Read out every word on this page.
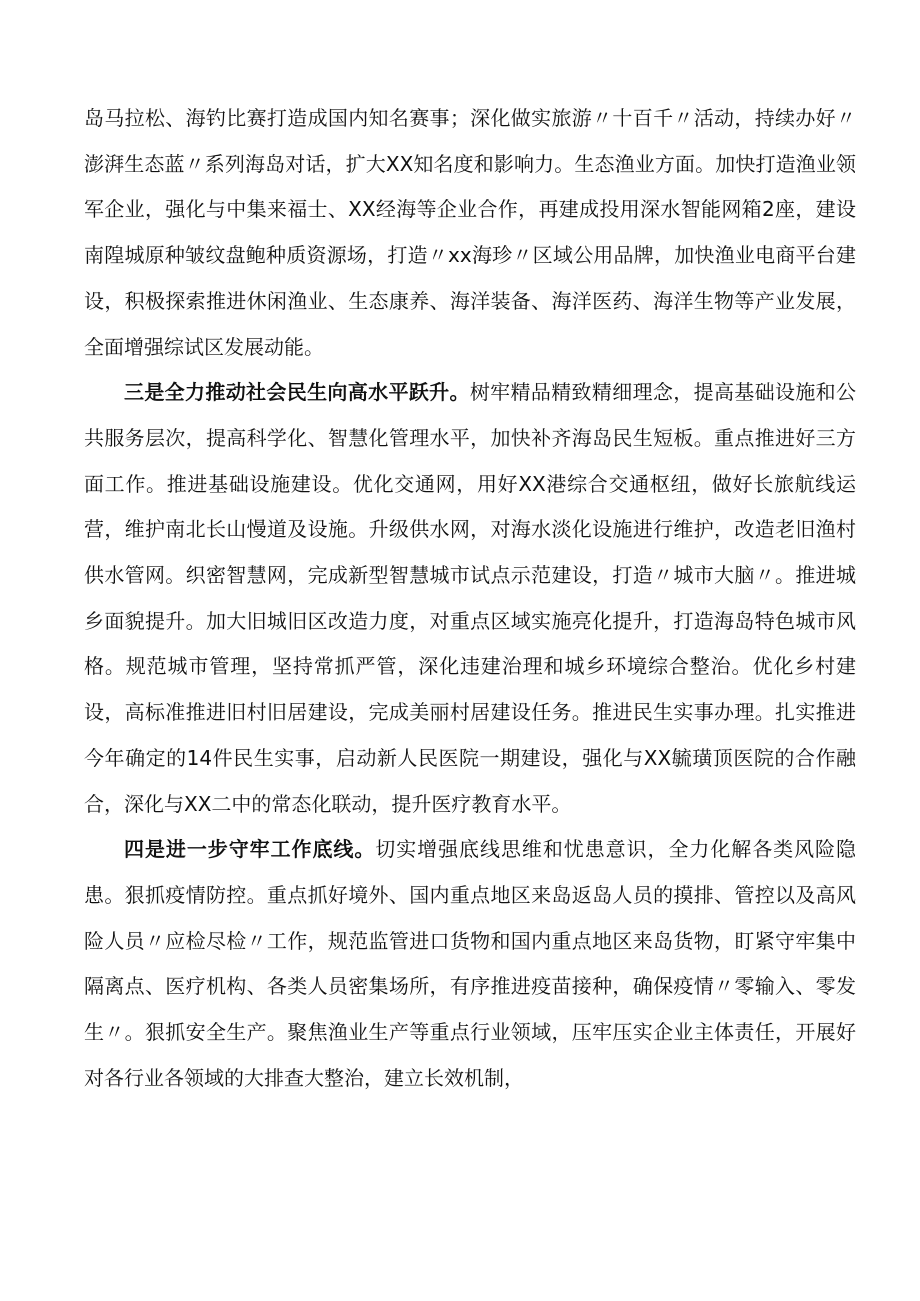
岛马拉松、海钓比赛打造成国内知名赛事；深化做实旅游〃十百千〃活动，持续办好〃澎湃生态蓝〃系列海岛对话，扩大XX知名度和影响力。生态渔业方面。加快打造渔业领军企业，强化与中集来福士、XX经海等企业合作，再建成投用深水智能网箱2座，建设南隍城原种皱纹盘鲍种质资源场，打造〃xx海珍〃区域公用品牌，加快渔业电商平台建设，积极探索推进休闲渔业、生态康养、海洋装备、海洋医药、海洋生物等产业发展，全面增强综试区发展动能。

三是全力推动社会民生向高水平跃升。树牢精品精致精细理念，提高基础设施和公共服务层次，提高科学化、智慧化管理水平，加快补齐海岛民生短板。重点推进好三方面工作。推进基础设施建设。优化交通网，用好XX港综合交通枢纽，做好长旅航线运营，维护南北长山慢道及设施。升级供水网，对海水淡化设施进行维护，改造老旧渔村供水管网。织密智慧网，完成新型智慧城市试点示范建设，打造〃城市大脑〃。推进城乡面貌提升。加大旧城旧区改造力度，对重点区域实施亮化提升，打造海岛特色城市风格。规范城市管理，坚持常抓严管，深化违建治理和城乡环境综合整治。优化乡村建设，高标准推进旧村旧居建设，完成美丽村居建设任务。推进民生实事办理。扎实推进今年确定的14件民生实事，启动新人民医院一期建设，强化与XX毓璜顶医院的合作融合，深化与XX二中的常态化联动，提升医疗教育水平。

四是进一步守牢工作底线。切实增强底线思维和忧患意识，全力化解各类风险隐患。狠抓疫情防控。重点抓好境外、国内重点地区来岛返岛人员的摸排、管控以及高风险人员〃应检尽检〃工作，规范监管进口货物和国内重点地区来岛货物，盯紧守牢集中隔离点、医疗机构、各类人员密集场所，有序推进疫苗接种，确保疫情〃零输入、零发生〃。狠抓安全生产。聚焦渔业生产等重点行业领域，压牢压实企业主体责任，开展好对各行业各领域的大排查大整治，建立长效机制，
